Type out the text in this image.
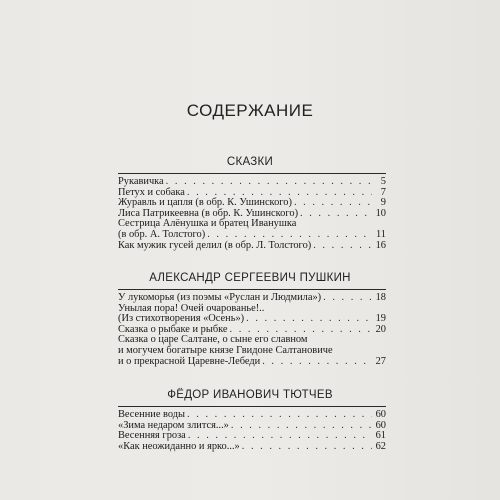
СОДЕРЖАНИЕ
СКАЗКИ
Рукавичка . . .	5
Петух и собака . . .	7
Журавль и цапля (в обр. К. Ушинского) . . .	9
Лиса Патрикеевна (в обр. К. Ушинского) . . .	10
Сестрица Алёнушка и братец Иванушка
(в обр. А. Толстого) . . .	11
Как мужик гусей делил (в обр. Л. Толстого) . . .	16
АЛЕКСАНДР СЕРГЕЕВИЧ ПУШКИН
У лукоморья (из поэмы «Руслан и Людмила») . . .	18
Унылая пора! Очей очарованье!..
(Из стихотворения «Осень») . . .	19
Сказка о рыбаке и рыбке . . .	20
Сказка о царе Салтане, о сыне его славном
и могучем богатыре князе Гвидоне Салтановиче
и о прекрасной Царевне-Лебеди . . .	27
ФЁДОР ИВАНОВИЧ ТЮТЧЕВ
Весенние воды . . .	60
«Зима недаром злится...» . . .	60
Весенняя гроза . . .	61
«Как неожиданно и ярко...» . . .	62
